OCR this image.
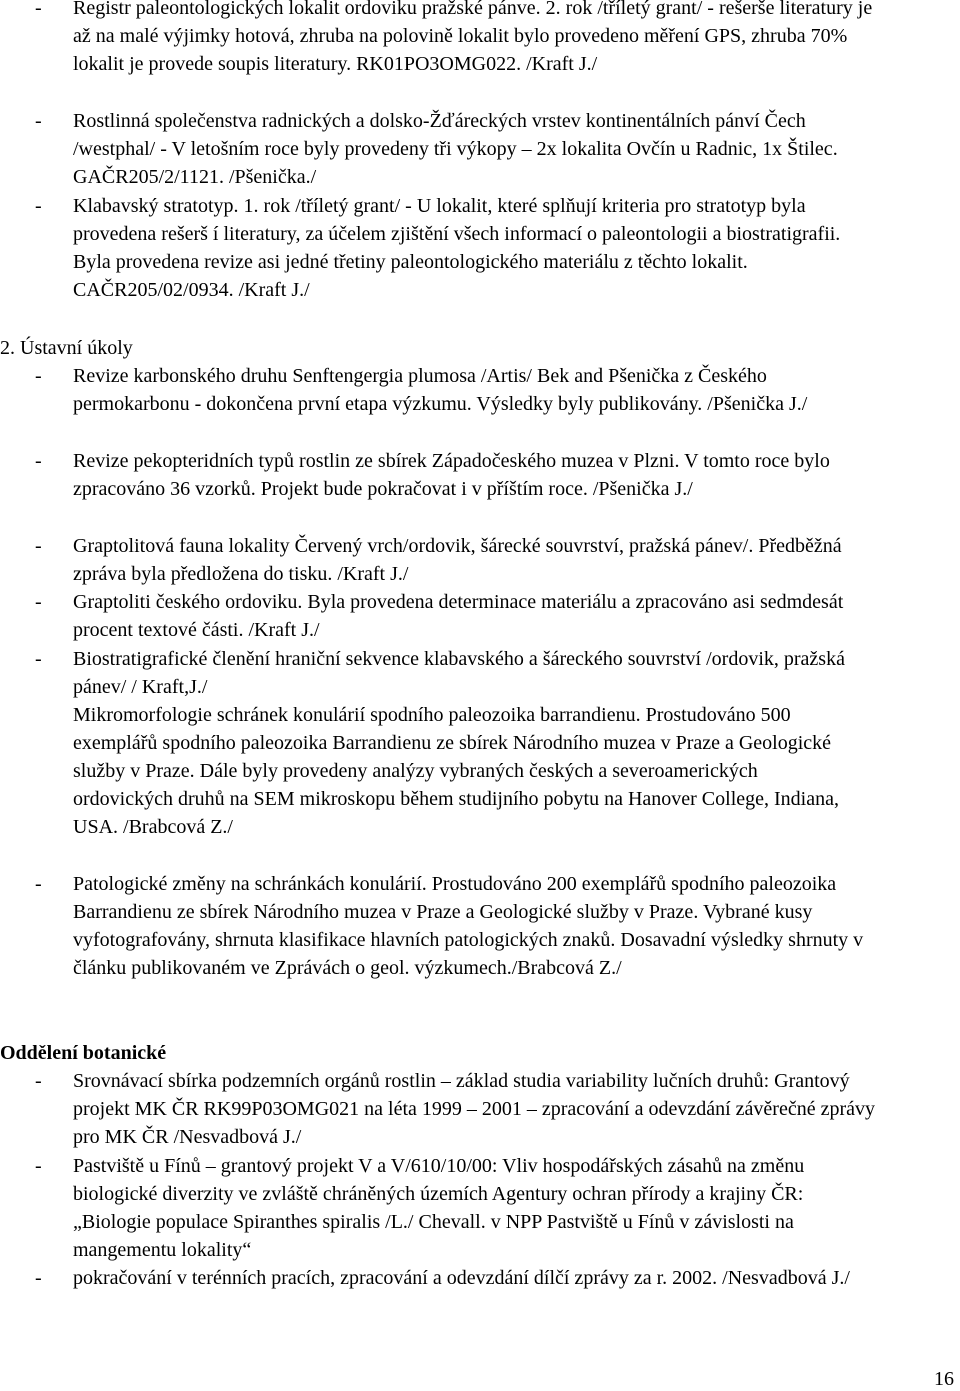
-	Registr paleontologických lokalit ordoviku pražské pánve. 2. rok /tříletý grant/ - rešerše literatury je až na malé výjimky hotová, zhruba na polovině lokalit bylo provedeno měření GPS, zhruba 70% lokalit je provede soupis literatury. RK01PO3OMG022. /Kraft J./
-	Rostlinná společenstva radnických a dolsko-Žďáreckých vrstev kontinentálních pánví Čech /westphal/ - V letošním roce byly provedeny tři výkopy – 2x lokalita Ovčín u Radnic, 1x Štilec. GAČR205/2/1121. /Pšenička./
-	Klabavský stratotyp. 1. rok /tříletý grant/ - U lokalit, které splňují kriteria pro stratotyp byla provedena rešerš í literatury, za účelem zjištění všech informací o paleontologii a biostratigrafii. Byla provedena revize asi jedné třetiny paleontologického materiálu z těchto lokalit. CAČR205/02/0934. /Kraft J./
2. Ústavní úkoly
-	Revize karbonského druhu Senftengergia plumosa /Artis/ Bek and Pšenička z Českého permokarbonu - dokončena první etapa výzkumu. Výsledky byly publikovány. /Pšenička J./
-	Revize pekopteridních typů rostlin ze sbírek Západočeského muzea v Plzni. V tomto roce bylo zpracováno 36 vzorků. Projekt bude pokračovat i v příštím roce. /Pšenička J./
-	Graptolitová fauna lokality Červený vrch/ordovik, šárecké souvrství, pražská pánev/. Předběžná zpráva byla předložena do tisku. /Kraft J./
-	Graptoliti českého ordoviku. Byla provedena determinace materiálu a zpracováno asi sedmdesát procent textové části. /Kraft J./
-	Biostratigrafické členění hraniční sekvence klabavského a šáreckého souvrství /ordovik, pražská pánev/ / Kraft,J./
Mikromorfologie schránek konulárií spodního paleozoika barrandienu. Prostudováno 500 exemplářů spodního paleozoika Barrandienu ze sbírek Národního muzea v Praze a Geologické služby v Praze. Dále byly provedeny analýzy vybraných českých a severoamerických ordovických druhů na SEM mikroskopu během studijního pobytu na Hanover College, Indiana, USA. /Brabcová Z./
-	Patologické změny na schránkách konulárií. Prostudováno 200 exemplářů spodního paleozoika Barrandienu ze sbírek Národního muzea v Praze a Geologické služby v Praze. Vybrané kusy vyfotografovány, shrnuta klasifikace hlavních patologických znaků. Dosavadní výsledky shrnuty v článku publikovaném ve Zprávách o geol. výzkumech./Brabcová Z./
Oddělení botanické
-	Srovnávací sbírka podzemních orgánů rostlin – základ studia variability lučních druhů: Grantový projekt MK ČR RK99P03OMG021 na léta 1999 – 2001 – zpracování a odevzdání závěrečné zprávy pro MK ČR /Nesvadbová J./
-	Pastviště u Fínů – grantový projekt V a V/610/10/00: Vliv hospodářských zásahů na změnu biologické diverzity ve zvláště chráněných územích Agentury ochran přírody a krajiny ČR: „Biologie populace Spiranthes spiralis /L./ Chevall. v NPP Pastviště u Fínů v závislosti na mangementu lokality“
-	pokračování v terénních pracích, zpracování a odevzdání dílčí zprávy za r. 2002. /Nesvadbová J./
16
